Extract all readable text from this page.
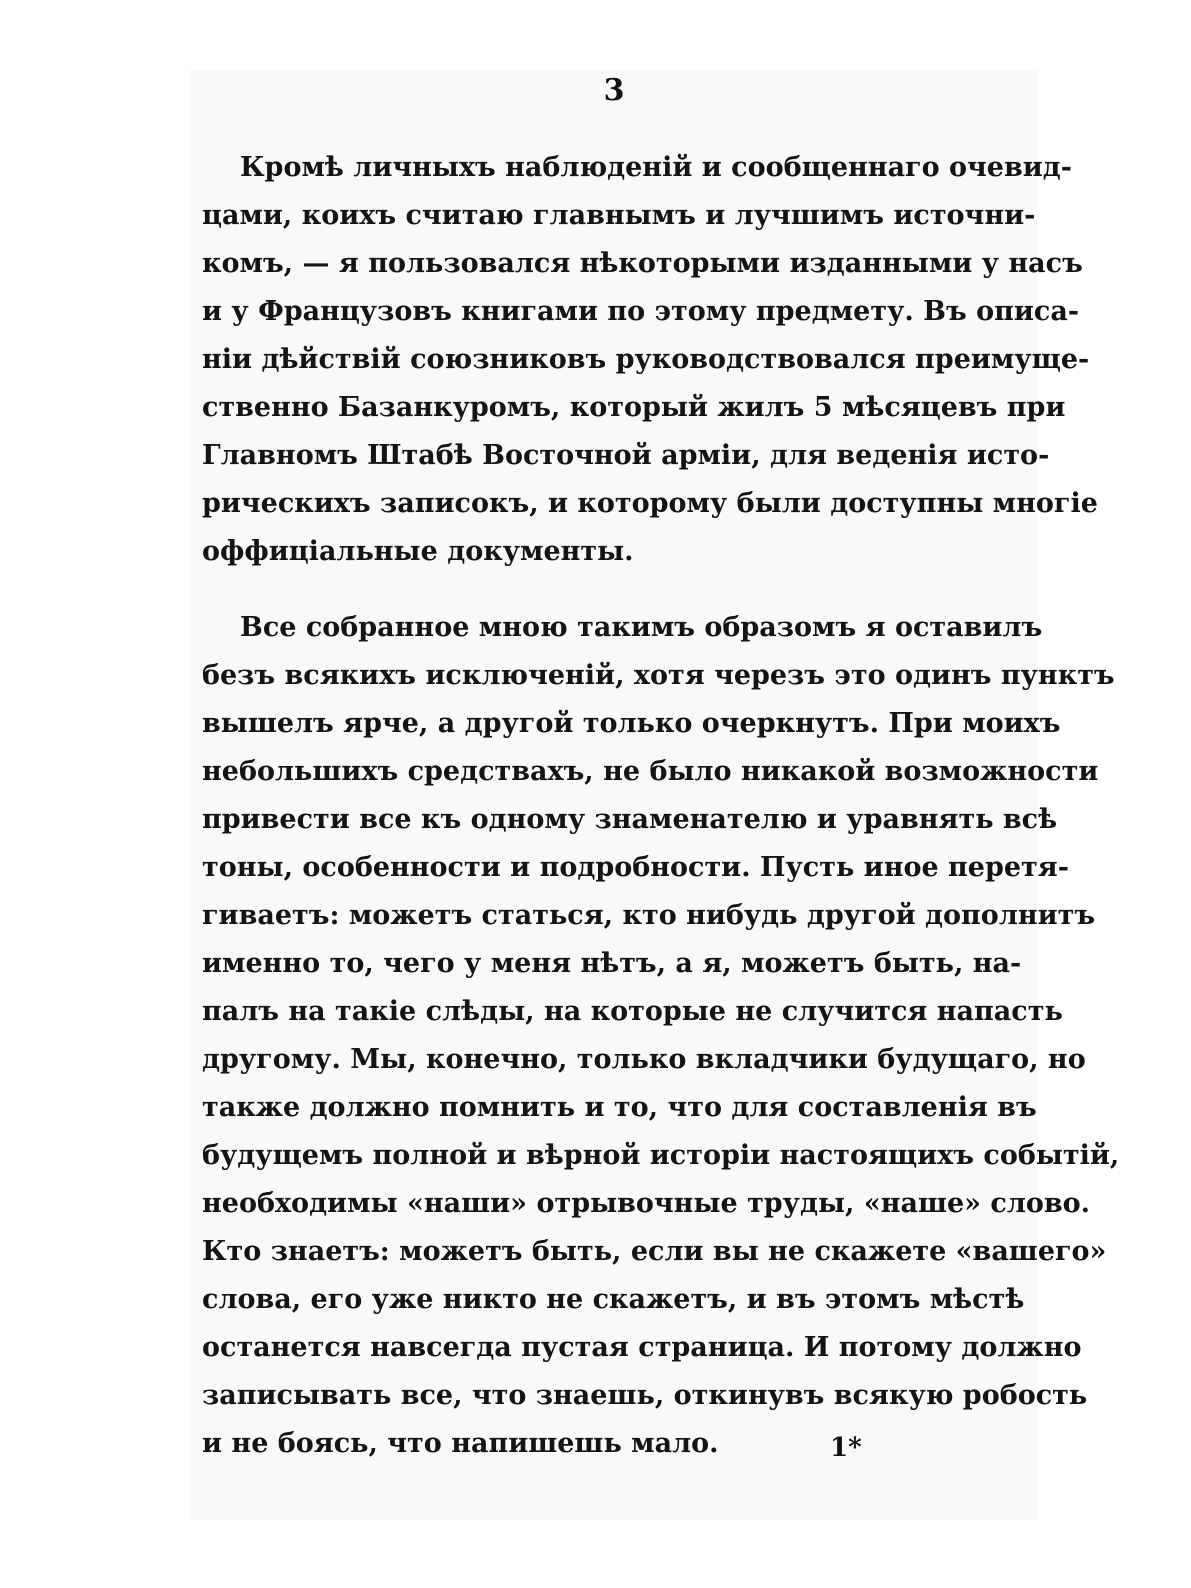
3
Кромѣ личныхъ наблюденій и сообщеннаго очевид-
цами, коихъ считаю главнымъ и лучшимъ источни-
комъ, — я пользовался нѣкоторыми изданными у насъ
и у Французовъ книгами по этому предмету. Въ описа-
ніи дѣйствій союзниковъ руководствовался преимуще-
ственно Базанкуромъ, который жилъ 5 мѣсяцевъ при
Главномъ Штабѣ Восточной арміи, для веденія исто-
рическихъ записокъ, и которому были доступны многіе
оффиціальные документы.
Все собранное мною такимъ образомъ я оставилъ
безъ всякихъ исключеній, хотя черезъ это одинъ пунктъ
вышелъ ярче, а другой только очеркнутъ. При моихъ
небольшихъ средствахъ, не было никакой возможности
привести все къ одному знаменателю и уравнять всѣ
тоны, особенности и подробности. Пусть иное перетя-
гиваетъ: можетъ статься, кто нибудь другой дополнитъ
именно то, чего у меня нѣтъ, а я, можетъ быть, на-
палъ на такіе слѣды, на которые не случится напасть
другому. Мы, конечно, только вкладчики будущаго, но
также должно помнить и то, что для составленія въ
будущемъ полной и вѣрной исторіи настоящихъ событій,
необходимы «наши» отрывочные труды, «наше» слово.
Кто знаетъ: можетъ быть, если вы не скажете «вашего»
слова, его уже никто не скажетъ, и въ этомъ мѣстѣ
останется навсегда пустая страница. И потому должно
записывать все, что знаешь, откинувъ всякую робость
и не боясь, что напишешь мало.	1*
